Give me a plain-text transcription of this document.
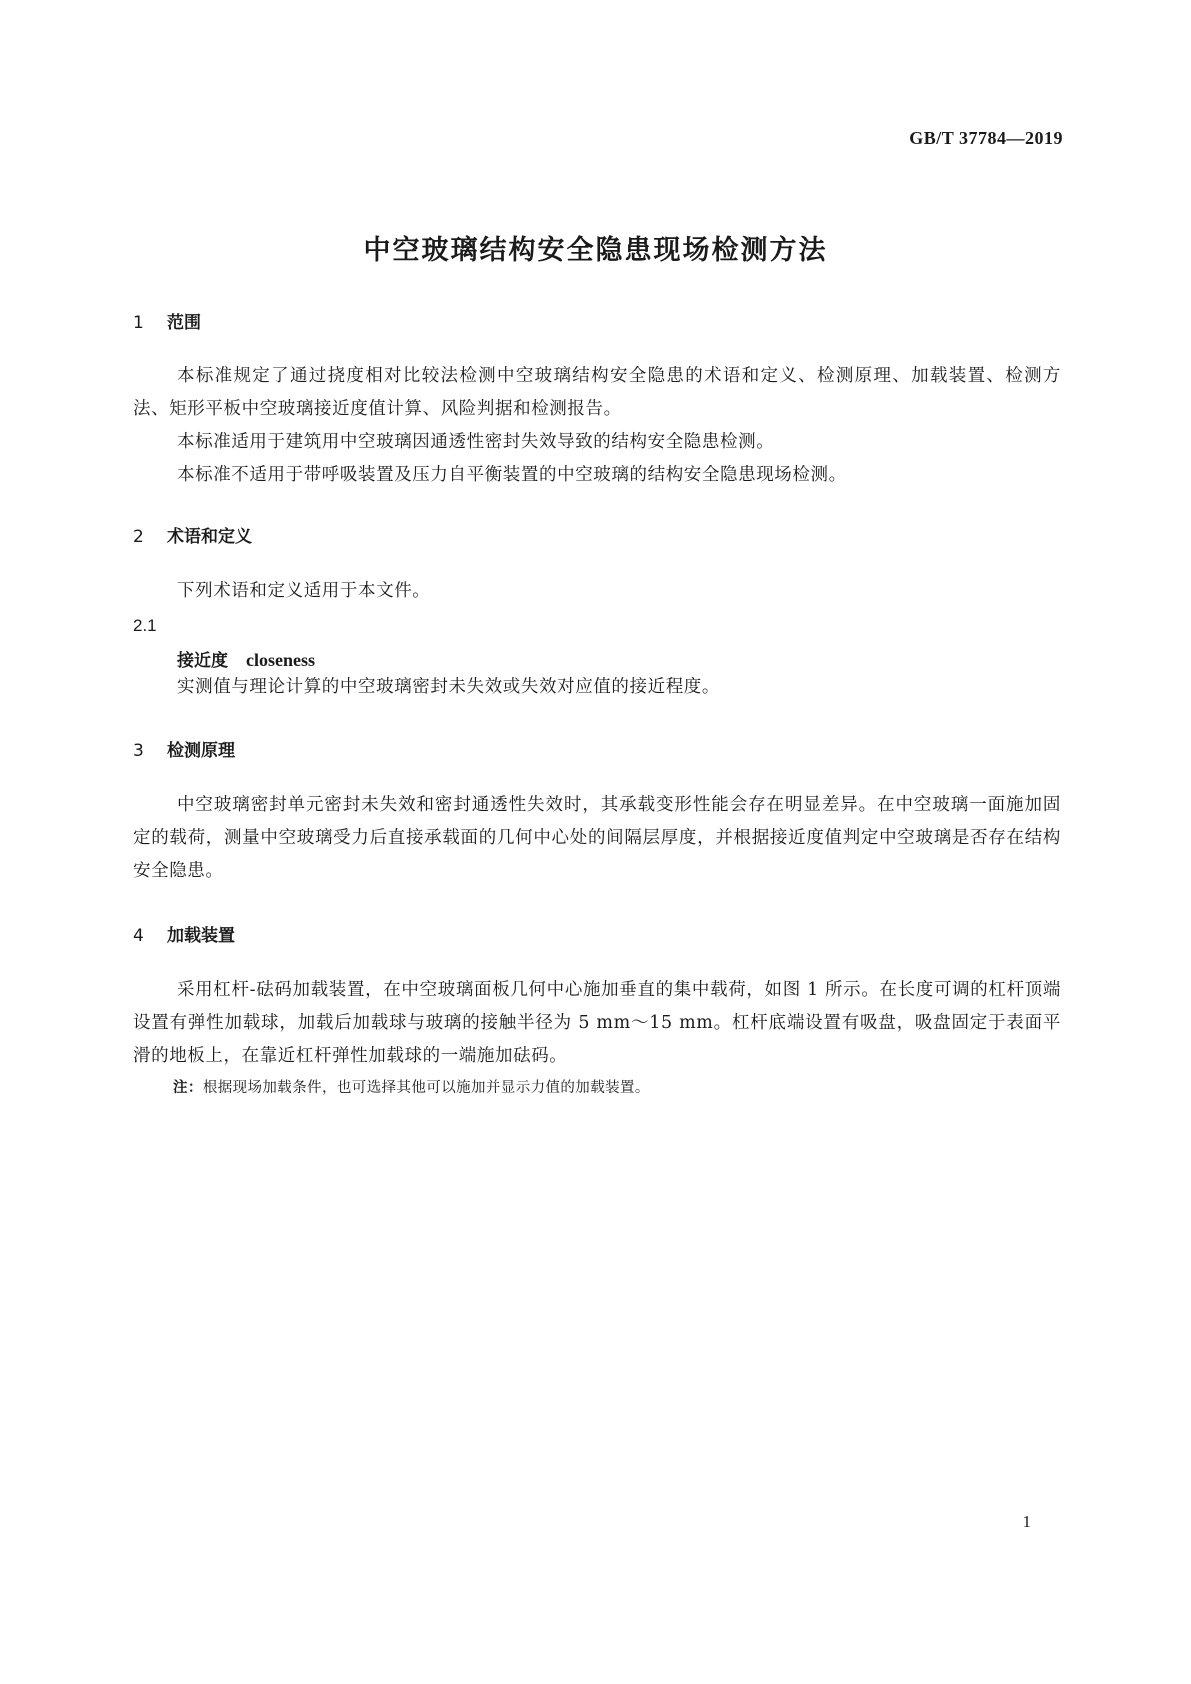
GB/T 37784—2019
中空玻璃结构安全隐患现场检测方法
1 范围
本标准规定了通过挠度相对比较法检测中空玻璃结构安全隐患的术语和定义、检测原理、加载装置、检测方法、矩形平板中空玻璃接近度值计算、风险判据和检测报告。
本标准适用于建筑用中空玻璃因通透性密封失效导致的结构安全隐患检测。
本标准不适用于带呼吸装置及压力自平衡装置的中空玻璃的结构安全隐患现场检测。
2 术语和定义
下列术语和定义适用于本文件。
2.1
接近度 closeness
实测值与理论计算的中空玻璃密封未失效或失效对应值的接近程度。
3 检测原理
中空玻璃密封单元密封未失效和密封通透性失效时，其承载变形性能会存在明显差异。在中空玻璃一面施加固定的载荷，测量中空玻璃受力后直接承载面的几何中心处的间隔层厚度，并根据接近度值判定中空玻璃是否存在结构安全隐患。
4 加载装置
采用杠杆-砝码加载装置，在中空玻璃面板几何中心施加垂直的集中载荷，如图 1 所示。在长度可调的杠杆顶端设置有弹性加载球，加载后加载球与玻璃的接触半径为 5 mm～15 mm。杠杆底端设置有吸盘，吸盘固定于表面平滑的地板上，在靠近杠杆弹性加载球的一端施加砝码。
注：根据现场加载条件，也可选择其他可以施加并显示力值的加载装置。
1
